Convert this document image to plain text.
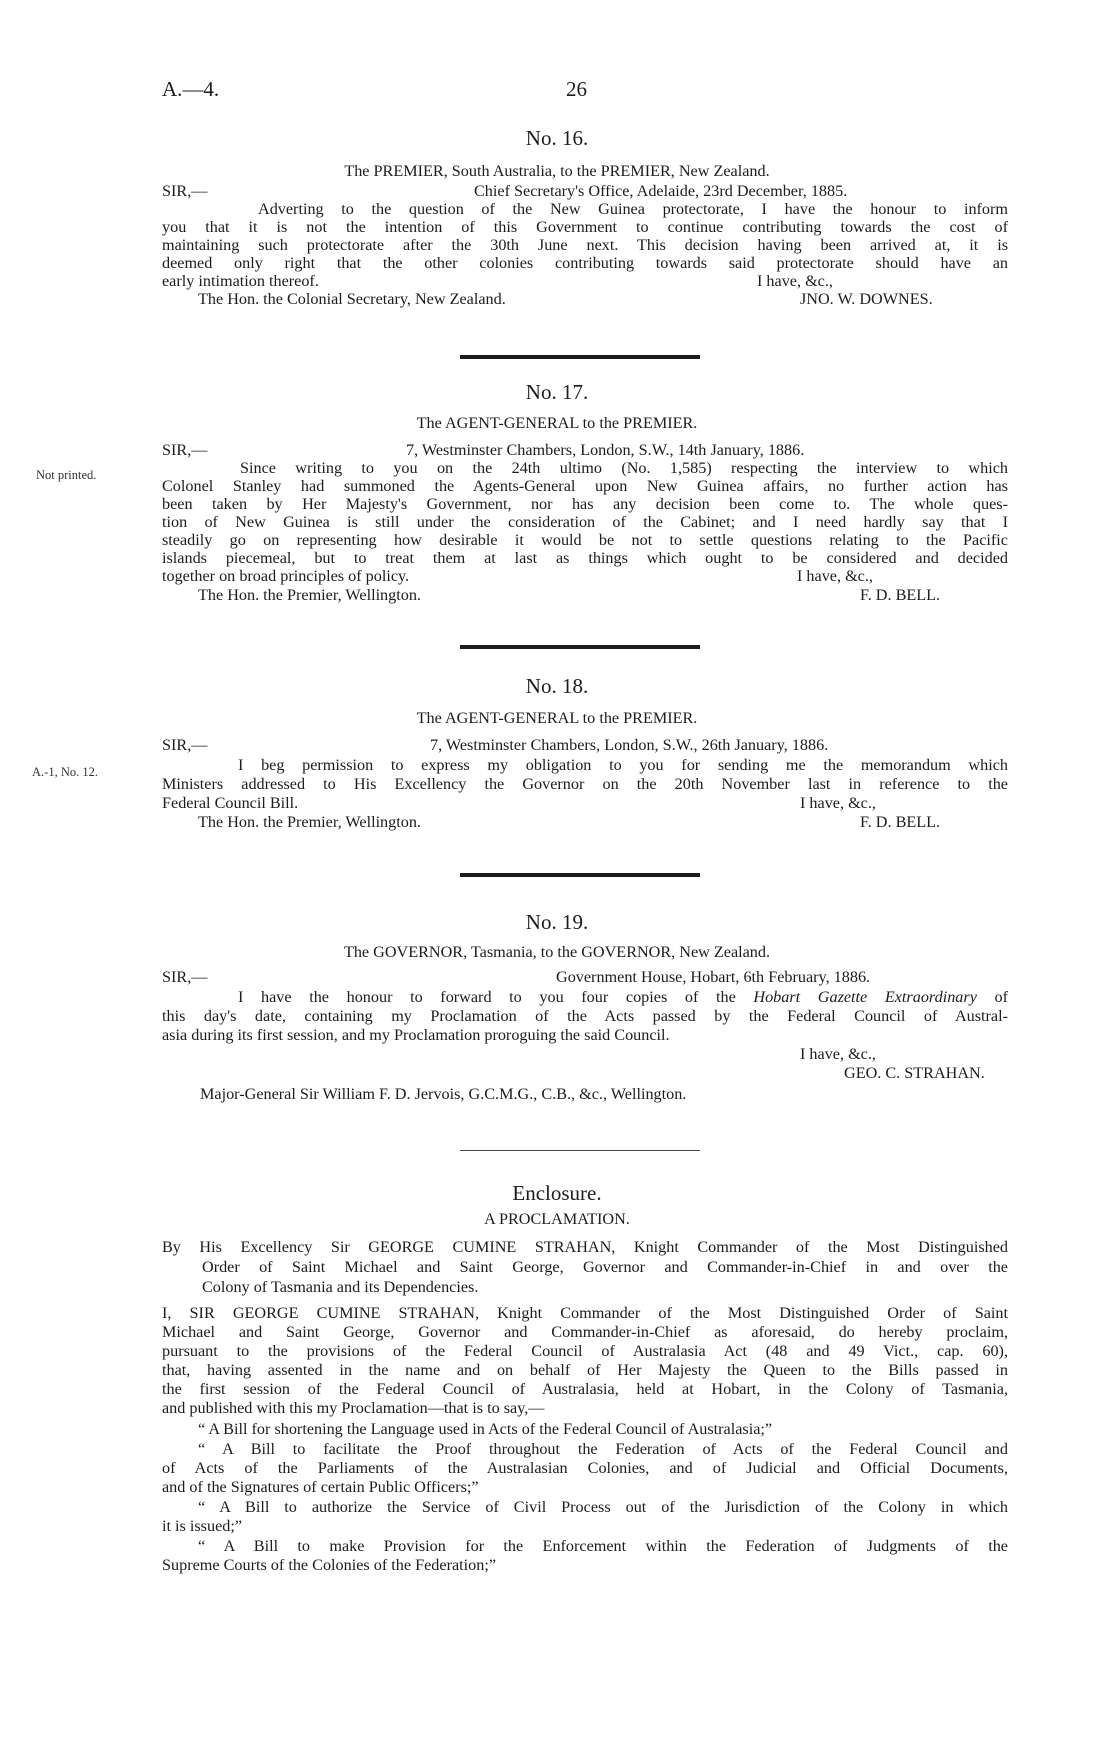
A.—4.	26
No. 16.
The PREMIER, South Australia, to the PREMIER, New Zealand.
SIR,—	Chief Secretary's Office, Adelaide, 23rd December, 1885.
Adverting to the question of the New Guinea protectorate, I have the honour to inform
you that it is not the intention of this Government to continue contributing towards the cost of
maintaining such protectorate after the 30th June next. This decision having been arrived at, it is
deemed only right that the other colonies contributing towards said protectorate should have an
early intimation thereof.	I have, &c.,
The Hon. the Colonial Secretary, New Zealand.	JNO. W. DOWNES.
No. 17.
The AGENT-GENERAL to the PREMIER.
Not printed.
SIR,—	7, Westminster Chambers, London, S.W., 14th January, 1886.
Since writing to you on the 24th ultimo (No. 1,585) respecting the interview to which
Colonel Stanley had summoned the Agents-General upon New Guinea affairs, no further action has
been taken by Her Majesty's Government, nor has any decision been come to. The whole ques-
tion of New Guinea is still under the consideration of the Cabinet; and I need hardly say that I
steadily go on representing how desirable it would be not to settle questions relating to the Pacific
islands piecemeal, but to treat them at last as things which ought to be considered and decided
together on broad principles of policy.	I have, &c.,
The Hon. the Premier, Wellington.	F. D. BELL.
No. 18.
The AGENT-GENERAL to the PREMIER.
A.-1, No. 12.
SIR,—	7, Westminster Chambers, London, S.W., 26th January, 1886.
I beg permission to express my obligation to you for sending me the memorandum which
Ministers addressed to His Excellency the Governor on the 20th November last in reference to the
Federal Council Bill.	I have, &c.,
The Hon. the Premier, Wellington.	F. D. BELL.
No. 19.
The GOVERNOR, Tasmania, to the GOVERNOR, New Zealand.
SIR,—	Government House, Hobart, 6th February, 1886.
I have the honour to forward to you four copies of the Hobart Gazette Extraordinary of
this day's date, containing my Proclamation of the Acts passed by the Federal Council of Austral-
asia during its first session, and my Proclamation proroguing the said Council.
I have, &c.,
GEO. C. STRAHAN.
Major-General Sir William F. D. Jervois, G.C.M.G., C.B., &c., Wellington.
Enclosure.
A PROCLAMATION.
By His Excellency Sir GEORGE CUMINE STRAHAN, Knight Commander of the Most Distinguished
Order of Saint Michael and Saint George, Governor and Commander-in-Chief in and over the
Colony of Tasmania and its Dependencies.
I, SIR GEORGE CUMINE STRAHAN, Knight Commander of the Most Distinguished Order of Saint
Michael and Saint George, Governor and Commander-in-Chief as aforesaid, do hereby proclaim,
pursuant to the provisions of the Federal Council of Australasia Act (48 and 49 Vict., cap. 60),
that, having assented in the name and on behalf of Her Majesty the Queen to the Bills passed in
the first session of the Federal Council of Australasia, held at Hobart, in the Colony of Tasmania,
and published with this my Proclamation—that is to say,—
“ A Bill for shortening the Language used in Acts of the Federal Council of Australasia;”
“ A Bill to facilitate the Proof throughout the Federation of Acts of the Federal Council and
of Acts of the Parliaments of the Australasian Colonies, and of Judicial and Official Documents,
and of the Signatures of certain Public Officers;”
“ A Bill to authorize the Service of Civil Process out of the Jurisdiction of the Colony in which
it is issued;”
“ A Bill to make Provision for the Enforcement within the Federation of Judgments of the
Supreme Courts of the Colonies of the Federation;”
